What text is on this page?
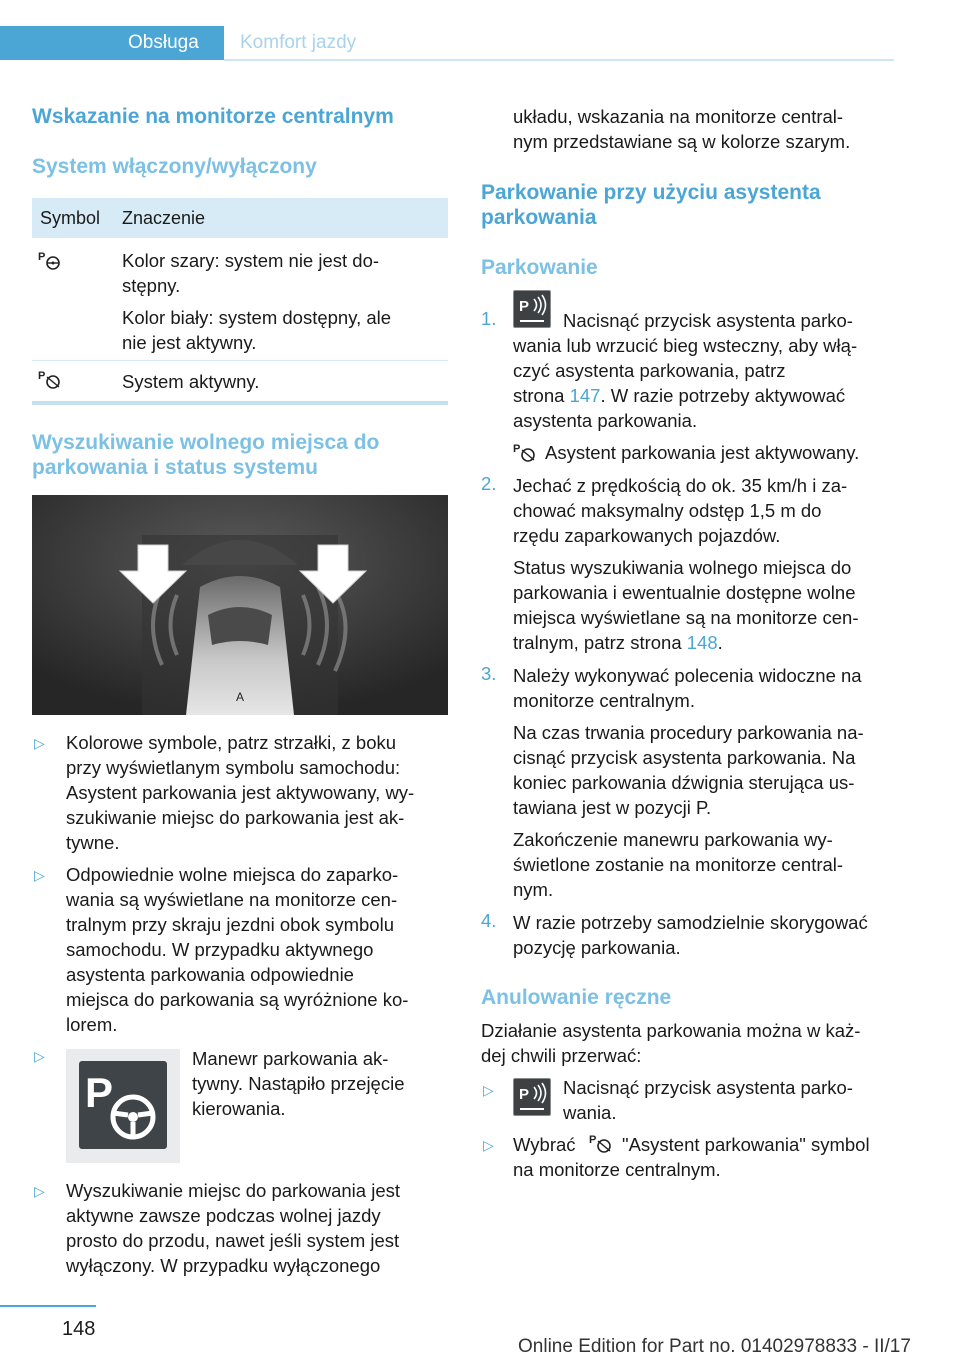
Obsługa	Komfort jazdy
Wskazanie na monitorze centralnym
System włączony/wyłączony
Symbol Znaczenie
P	Kolor szary: system nie jest do-
stępny.
Kolor biały: system dostępny, ale
nie jest aktywny.
P	System aktywny.
Wyszukiwanie wolnego miejsca do
parkowania i status systemu
A
▷ Kolorowe symbole, patrz strzałki, z boku
przy wyświetlanym symbolu samochodu:
Asystent parkowania jest aktywowany, wy-
szukiwanie miejsc do parkowania jest ak-
tywne.
▷ Odpowiednie wolne miejsca do zaparko-
wania są wyświetlane na monitorze cen-
tralnym przy skraju jezdni obok symbolu
samochodu. W przypadku aktywnego
asystenta parkowania odpowiednie
miejsca do parkowania są wyróżnione ko-
lorem.
▷
P
Manewr parkowania ak-
tywny. Nastąpiło przejęcie
kierowania.
▷ Wyszukiwanie miejsc do parkowania jest
aktywne zawsze podczas wolnej jazdy
prosto do przodu, nawet jeśli system jest
wyłączony. W przypadku wyłączonego
układu, wskazania na monitorze central-
nym przedstawiane są w kolorze szarym.
Parkowanie przy użyciu asystenta
parkowania
Parkowanie
1.
P
Nacisnąć przycisk asystenta parko-
wania lub wrzucić bieg wsteczny, aby włą-
czyć asystenta parkowania, patrz
strona 147. W razie potrzeby aktywować
asystenta parkowania.
P Asystent parkowania jest aktywowany.
2. Jechać z prędkością do ok. 35 km/h i za-
chować maksymalny odstęp 1,5 m do
rzędu zaparkowanych pojazdów.
Status wyszukiwania wolnego miejsca do
parkowania i ewentualnie dostępne wolne
miejsca wyświetlane są na monitorze cen-
tralnym, patrz strona 148.
3. Należy wykonywać polecenia widoczne na
monitorze centralnym.
Na czas trwania procedury parkowania na-
cisnąć przycisk asystenta parkowania. Na
koniec parkowania dźwignia sterująca us-
tawiana jest w pozycji P.
Zakończenie manewru parkowania wy-
świetlone zostanie na monitorze central-
nym.
4. W razie potrzeby samodzielnie skorygować
pozycję parkowania.
Anulowanie ręczne
Działanie asystenta parkowania można w każ-
dej chwili przerwać:
▷ P Nacisnąć przycisk asystenta parko-
wania.
▷ Wybrać P "Asystent parkowania" symbol
na monitorze centralnym.
148
Online Edition for Part no. 01402978833 - II/17
